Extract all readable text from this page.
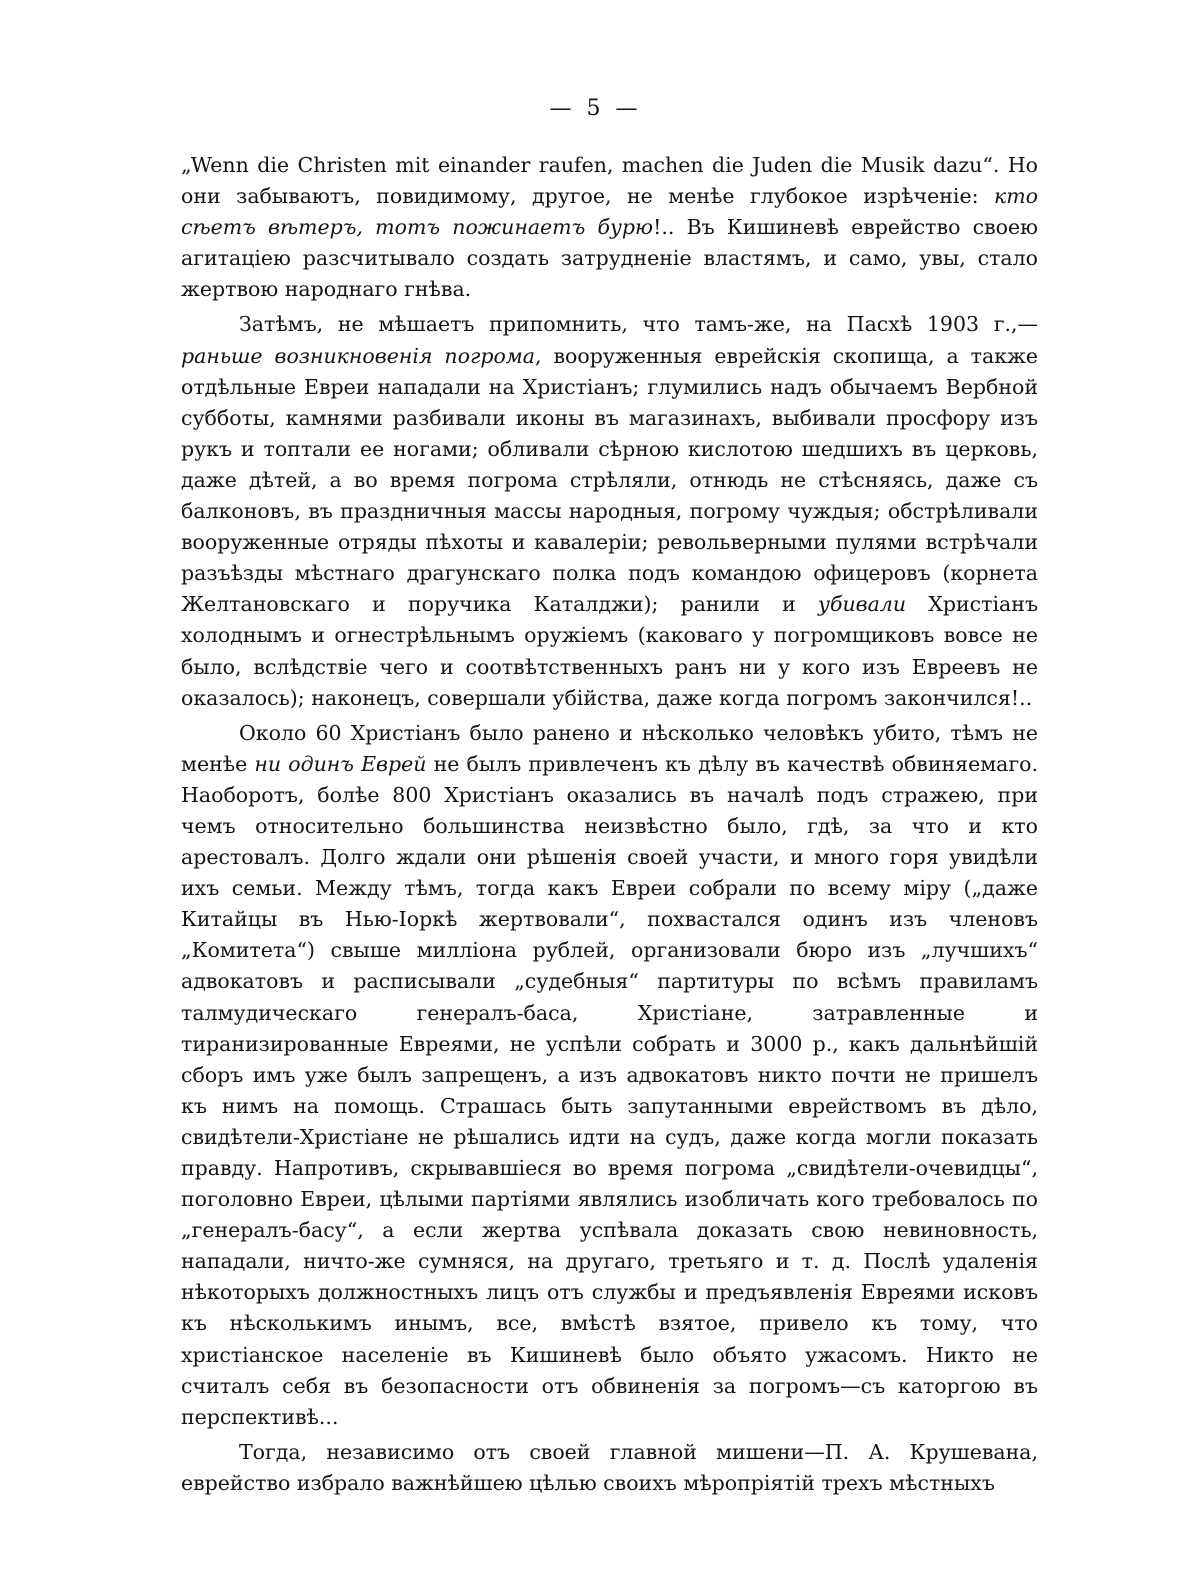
— 5 —

„Wenn die Christen mit einander raufen, machen die Juden die Musik dazu“. Но они забываютъ, повидимому, другое, не менѣе глубокое изрѣченіе: кто сѣетъ вѣтеръ, тотъ пожинаетъ бурю!.. Въ Кишиневѣ еврейство своею агитаціею разсчитывало создать затрудненіе властямъ, и само, увы, стало жертвою народнаго гнѣва.

Затѣмъ, не мѣшаетъ припомнить, что тамъ-же, на Пасхѣ 1903 г.,— раньше возникновенія погрома, вооруженныя еврейскія скопища, а также отдѣльные Евреи нападали на Христіанъ; глумились надъ обычаемъ Вербной субботы, камнями разбивали иконы въ магазинахъ, выбивали просфору изъ рукъ и топтали ее ногами; обливали сѣрною кислотою шедшихъ въ церковь, даже дѣтей, а во время погрома стрѣляли, отнюдь не стѣсняясь, даже съ балконовъ, въ праздничныя массы народныя, погрому чуждыя; обстрѣливали вооруженные отряды пѣхоты и кавалеріи; револьверными пулями встрѣчали разъѣзды мѣстнаго драгунскаго полка подъ командою офицеровъ (корнета Желтановскаго и поручика Каталджи); ранили и убивали Христіанъ холоднымъ и огнестрѣльнымъ оружіемъ (каковаго у погромщиковъ вовсе не было, вслѣдствіе чего и соотвѣтственныхъ ранъ ни у кого изъ Евреевъ не оказалось); наконецъ, совершали убійства, даже когда погромъ закончился!..

Около 60 Христіанъ было ранено и нѣсколько человѣкъ убито, тѣмъ не менѣе ни одинъ Еврей не былъ привлеченъ къ дѣлу въ качествѣ обвиняемаго. Наоборотъ, болѣе 800 Христіанъ оказались въ началѣ подъ стражею, при чемъ относительно большинства неизвѣстно было, гдѣ, за что и кто арестовалъ. Долго ждали они рѣшенія своей участи, и много горя увидѣли ихъ семьи. Между тѣмъ, тогда какъ Евреи собрали по всему міру („даже Китайцы въ Нью-Іоркѣ жертвовали“, похвастался одинъ изъ членовъ „Комитета“) свыше милліона рублей, организовали бюро изъ „лучшихъ“ адвокатовъ и расписывали „судебныя“ партитуры по всѣмъ правиламъ талмудическаго генералъ-баса, Христіане, затравленные и тиранизированные Евреями, не успѣли собрать и 3000 р., какъ дальнѣйшій сборъ имъ уже былъ запрещенъ, а изъ адвокатовъ никто почти не пришелъ къ нимъ на помощь. Страшась быть запутанными еврействомъ въ дѣло, свидѣтели-Христіане не рѣшались идти на судъ, даже когда могли показать правду. Напротивъ, скрывавшіеся во время погрома „свидѣтели-очевидцы“, поголовно Евреи, цѣлыми партіями являлись изобличать кого требовалось по „генералъ-басу“, а если жертва успѣвала доказать свою невиновность, нападали, ничто-же сумняся, на другаго, третьяго и т. д. Послѣ удаленія нѣкоторыхъ должностныхъ лицъ отъ службы и предъявленія Евреями исковъ къ нѣсколькимъ инымъ, все, вмѣстѣ взятое, привело къ тому, что христіанское населеніе въ Кишиневѣ было объято ужасомъ. Никто не считалъ себя въ безопасности отъ обвиненія за погромъ—съ каторгою въ перспективѣ...

Тогда, независимо отъ своей главной мишени—П. А. Крушевана, еврейство избрало важнѣйшею цѣлью своихъ мѣропріятій трехъ мѣстныхъ
